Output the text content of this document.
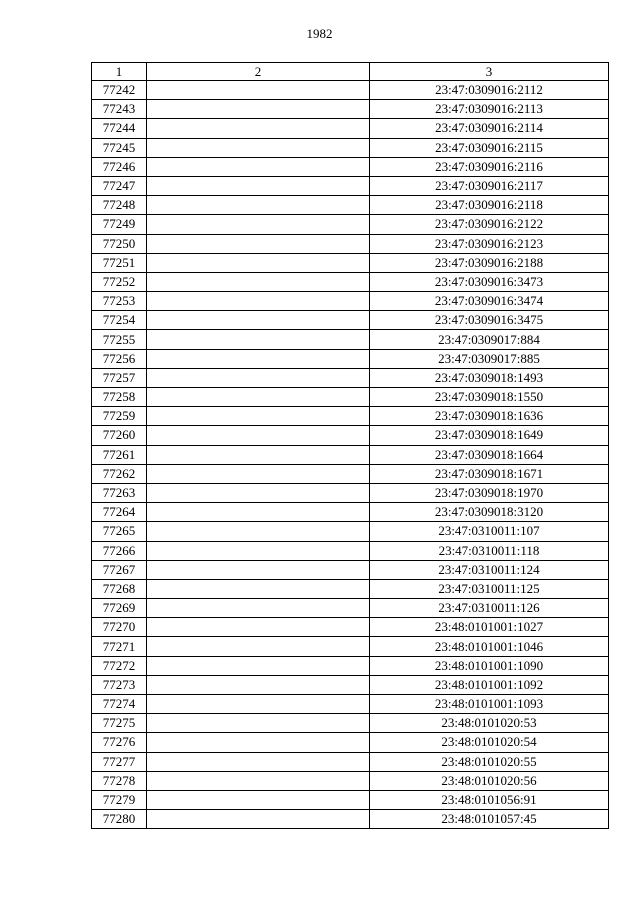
1982
1	2	3
77242		23:47:0309016:2112
77243		23:47:0309016:2113
77244		23:47:0309016:2114
77245		23:47:0309016:2115
77246		23:47:0309016:2116
77247		23:47:0309016:2117
77248		23:47:0309016:2118
77249		23:47:0309016:2122
77250		23:47:0309016:2123
77251		23:47:0309016:2188
77252		23:47:0309016:3473
77253		23:47:0309016:3474
77254		23:47:0309016:3475
77255		23:47:0309017:884
77256		23:47:0309017:885
77257		23:47:0309018:1493
77258		23:47:0309018:1550
77259		23:47:0309018:1636
77260		23:47:0309018:1649
77261		23:47:0309018:1664
77262		23:47:0309018:1671
77263		23:47:0309018:1970
77264		23:47:0309018:3120
77265		23:47:0310011:107
77266		23:47:0310011:118
77267		23:47:0310011:124
77268		23:47:0310011:125
77269		23:47:0310011:126
77270		23:48:0101001:1027
77271		23:48:0101001:1046
77272		23:48:0101001:1090
77273		23:48:0101001:1092
77274		23:48:0101001:1093
77275		23:48:0101020:53
77276		23:48:0101020:54
77277		23:48:0101020:55
77278		23:48:0101020:56
77279		23:48:0101056:91
77280		23:48:0101057:45
